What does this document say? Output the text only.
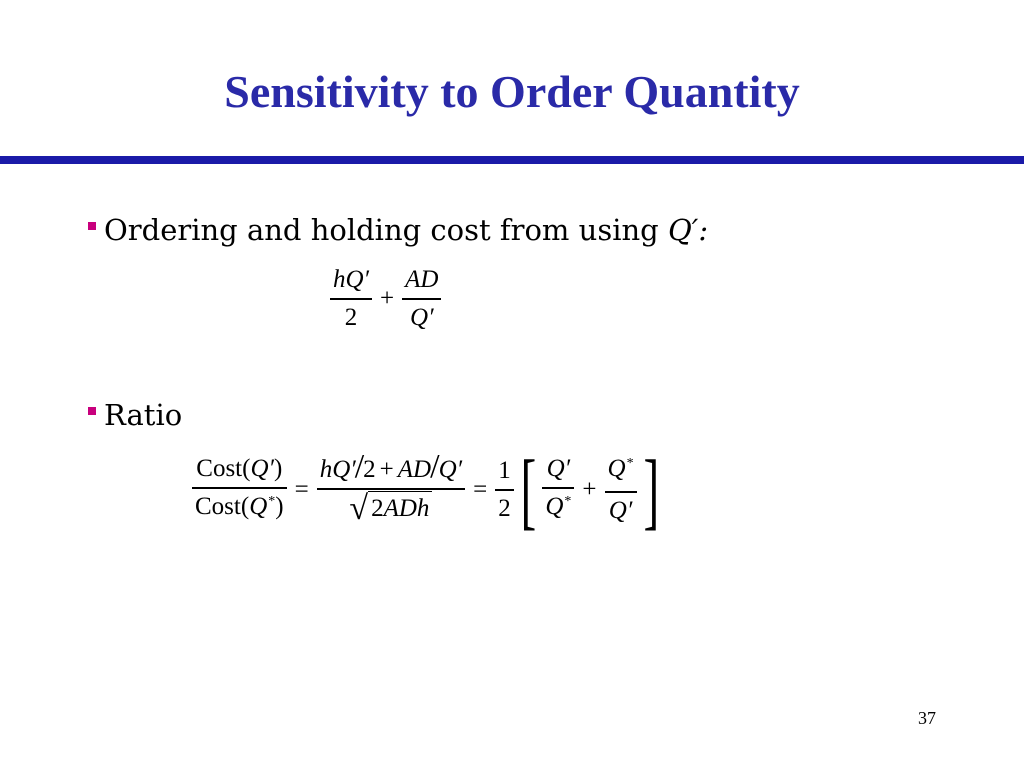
Sensitivity to Order Quantity
Ordering and holding cost from using Q′:
$\frac{hQ'}{2} + \frac{AD}{Q'}$
Ratio
$\frac{\text{Cost(Q′)}}{Cost(Q^*)} = \frac{hQ'/2 + AD/Q'}{\text{√ 2ADh}} = \frac{1}{2}$ [ $\frac{Q'}{Q^*} + \frac{Q^*}{Q'}$ ]
37
